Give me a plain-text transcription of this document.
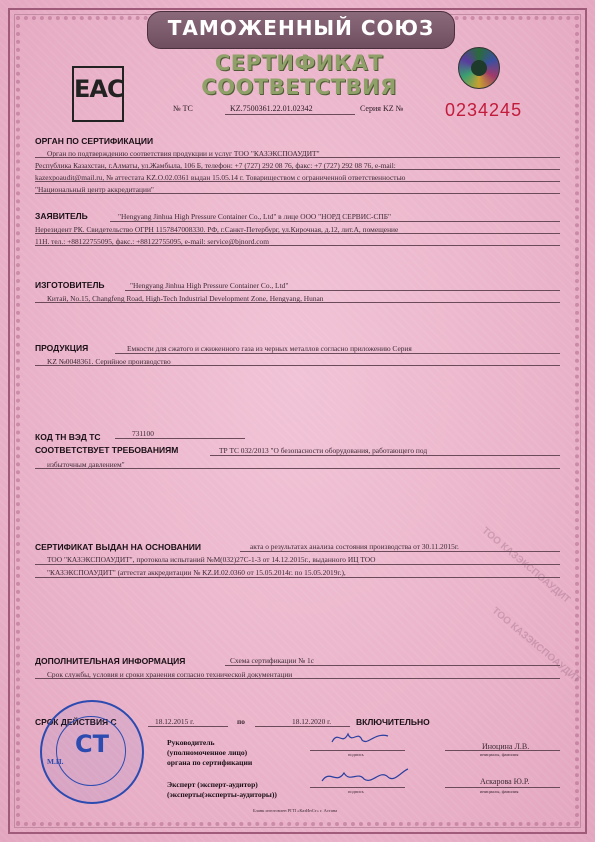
ТОО КАЗЭКСПОАУДИТ
ТОО КАЗЭКСПОАУДИТ
ТАМОЖЕННЫЙ СОЮЗ
СЕРТИФИКАТ СООТВЕТСТВИЯ
EAC
№ ТС	KZ.7500361.22.01.02342	Серия KZ № 0234245
ОРГАН ПО СЕРТИФИКАЦИИ
Орган по подтверждению соответствия продукции и услуг ТОО "КАЗЭКСПОАУДИТ"
Республика Казахстан, г.Алматы, ул.Жамбыла, 106 Б, телефон: +7 (727) 292 08 76, факс: +7 (727) 292 08 76, e-mail:
kazexpoaudit@mail.ru, № аттестата KZ.O.02.0361 выдан 15.05.14 г. Товариществом с ограниченной ответственностью
"Национальный центр аккредитации"
ЗАЯВИТЕЛЬ	"Hengyang Jinhua High Pressure Container Co., Ltd" в лице ООО "НОРД СЕРВИС-СПБ"
Нерезидент РК. Свидетельство ОГРН 1157847008330. РФ, г.Санкт-Петербург, ул.Кирочная, д.12, лит.А, помещение
11Н. тел.: +88122755095, факс.: +88122755095, e-mail: service@bjnord.com
ИЗГОТОВИТЕЛЬ	"Hengyang Jinhua High Pressure Container Co., Ltd"
Китай, No.15, Changfeng Road, High-Tech Industrial Development Zone, Hengyang, Hunan
ПРОДУКЦИЯ	Емкости для сжатого и сжиженного газа из черных металлов согласно приложению Серия
KZ №0048361. Серийное производство
КОД ТН ВЭД ТС	731100
СООТВЕТСТВУЕТ ТРЕБОВАНИЯМ	ТР ТС 032/2013 "О безопасности оборудования, работающего под
избыточным давлением"
СЕРТИФИКАТ ВЫДАН НА ОСНОВАНИИ	акта о результатах анализа состояния производства от 30.11.2015г.
ТОО "КАЗЭКСПОАУДИТ", протокола испытаний №М(032)27С-1-3 от 14.12.2015г., выданного ИЦ ТОО
"КАЗЭКСПОАУДИТ" (аттестат аккредитации № KZ.И.02.0360 от 15.05.2014г. по 15.05.2019г.),
ДОПОЛНИТЕЛЬНАЯ ИНФОРМАЦИЯ	Схема сертификации № 1с
Срок службы, условия и сроки хранения согласно технической документации
СРОК ДЕЙСТВИЯ С	18.12.2015 г.	по	18.12.2020 г.	ВКЛЮЧИТЕЛЬНО
Руководитель
(уполномоченное лицо)
органа по сертификации
подпись
Иноцина Л.В.
инициалы, фамилия
Эксперт (эксперт-аудитор)
(эксперты(эксперты-аудиторы))	подпись
Аскарова Ю.Р.
инициалы, фамилия
СТ
М.П.
Бланк изготовлен РГП «КазИнСт» г. Астана
